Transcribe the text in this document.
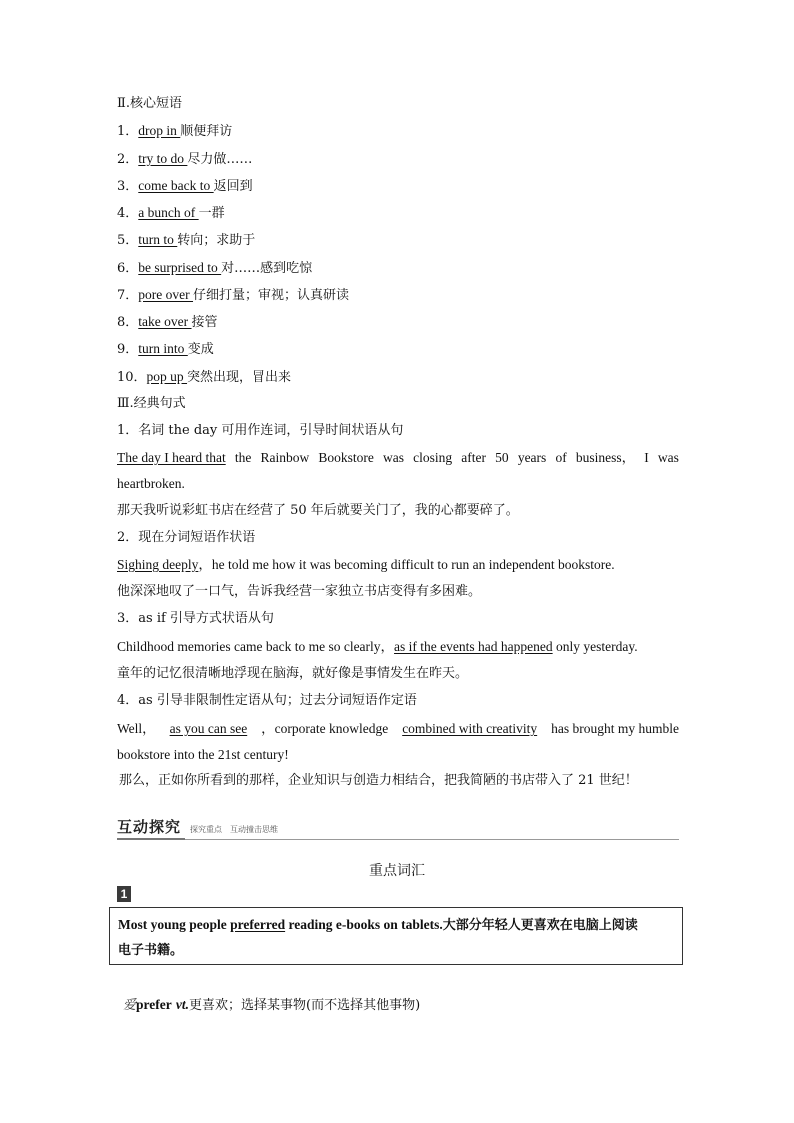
Ⅱ.核心短语
1．drop in 顺便拜访
2．try to do 尽力做……
3．come back to 返回到
4．a bunch of 一群
5．turn to 转向；求助于
6．be surprised to 对……感到吃惊
7．pore over 仔细打量；审视；认真研读
8．take over 接管
9．turn into 变成
10．pop up 突然出现，冒出来
Ⅲ.经典句式
1．名词 the day 可用作连词，引导时间状语从句
The day I heard that the Rainbow Bookstore was closing after 50 years of business， I was
heartbroken.
那天我听说彩虹书店在经营了 50 年后就要关门了，我的心都要碎了。
2．现在分词短语作状语
Sighing deeply，he told me how it was becoming difficult to run an independent bookstore.
他深深地叹了一口气，告诉我经营一家独立书店变得有多困难。
3．as if 引导方式状语从句
Childhood memories came back to me so clearly，as if the events had happened only yesterday.
童年的记忆很清晰地浮现在脑海，就好像是事情发生在昨天。
4．as 引导非限制性定语从句；过去分词短语作定语
Well， as you can see ，corporate knowledge combined with creativity has brought my humble
bookstore into the 21st century!
那么，正如你所看到的那样，企业知识与创造力相结合，把我简陋的书店带入了 21 世纪！
互动探究 探究重点　互动撞击思维
重点词汇
1
Most young people preferred reading e-books on tablets.大部分年轻人更喜欢在电脑上阅读
电子书籍。
爱prefer vt.更喜欢；选择某事物(而不选择其他事物)
